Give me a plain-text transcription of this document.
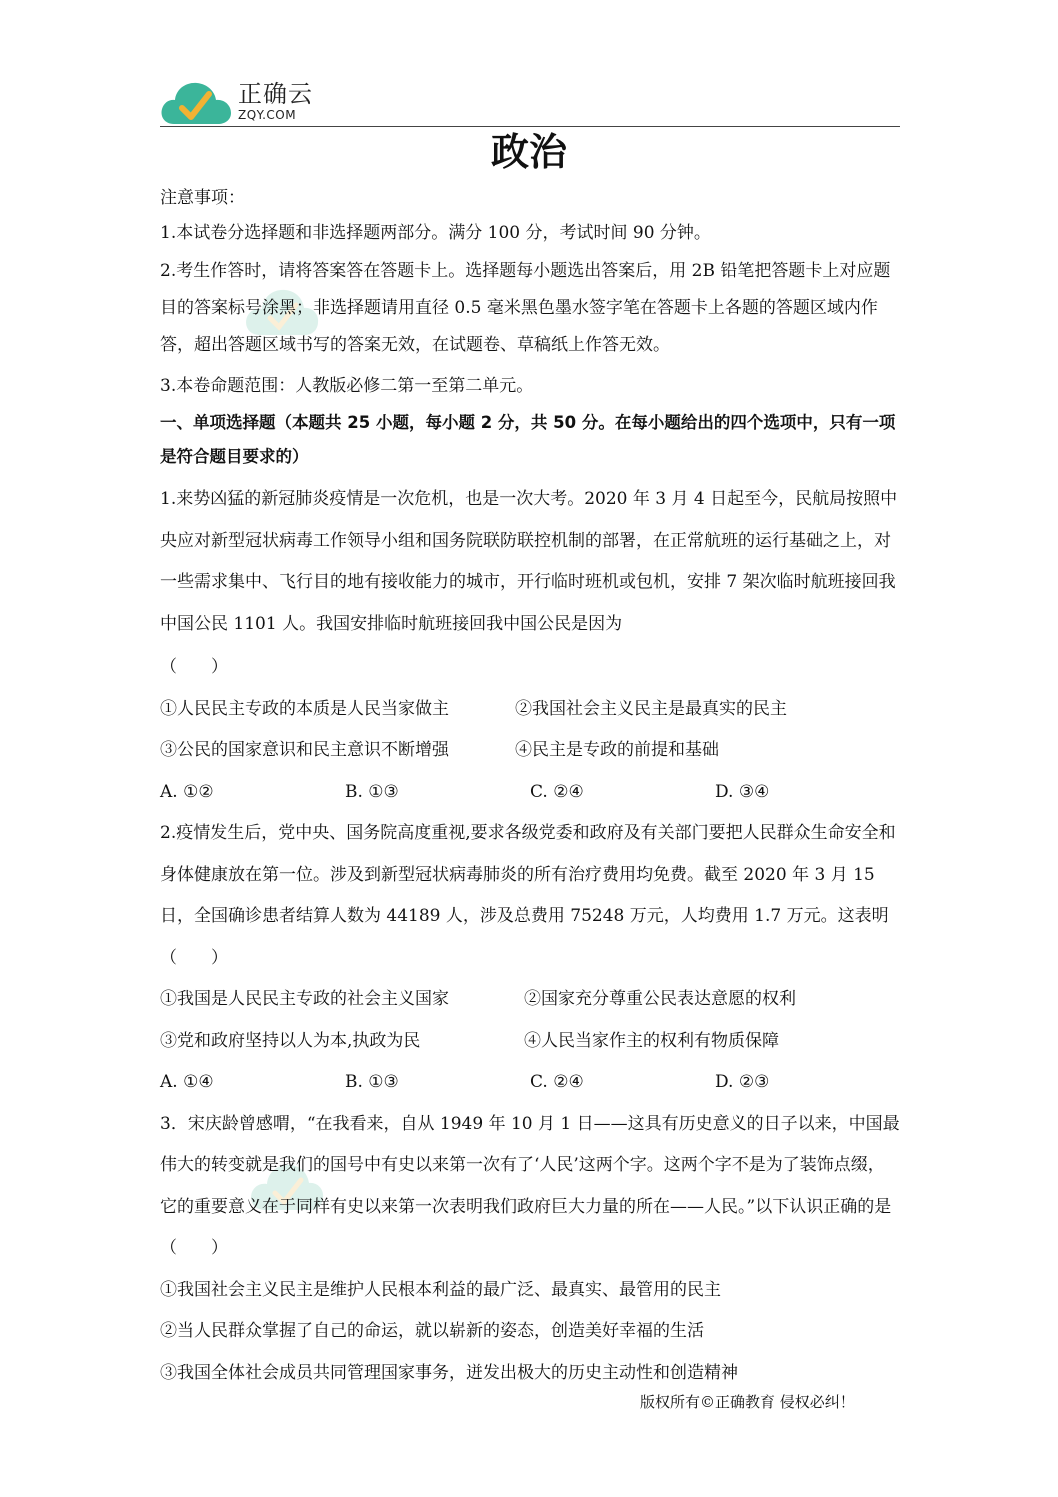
正确云
ZQY.COM
政治

注意事项：

1.本试卷分选择题和非选择题两部分。满分 100 分，考试时间 90 分钟。

2.考生作答时，请将答案答在答题卡上。选择题每小题选出答案后，用 2B 铅笔把答题卡上对应题目的答案标号涂黑；非选择题请用直径 0.5 毫米黑色墨水签字笔在答题卡上各题的答题区域内作答，超出答题区域书写的答案无效，在试题卷、草稿纸上作答无效。

3.本卷命题范围：人教版必修二第一至第二单元。

一、单项选择题（本题共 25 小题，每小题 2 分，共 50 分。在每小题给出的四个选项中，只有一项是符合题目要求的）

1.来势凶猛的新冠肺炎疫情是一次危机，也是一次大考。2020 年 3 月 4 日起至今，民航局按照中央应对新型冠状病毒工作领导小组和国务院联防联控机制的部署，在正常航班的运行基础之上，对一些需求集中、飞行目的地有接收能力的城市，开行临时班机或包机，安排 7 架次临时航班接回我中国公民 1101 人。我国安排临时航班接回我中国公民是因为

（　　）

①人民民主专政的本质是人民当家做主	②我国社会主义民主是最真实的民主
③公民的国家意识和民主意识不断增强	④民主是专政的前提和基础
A. ①②	B. ①③	C. ②④	D. ③④

2.疫情发生后，党中央、国务院高度重视,要求各级党委和政府及有关部门要把人民群众生命安全和身体健康放在第一位。涉及到新型冠状病毒肺炎的所有治疗费用均免费。截至 2020 年 3 月 15 日，全国确诊患者结算人数为 44189 人，涉及总费用 75248 万元，人均费用 1.7 万元。这表明（　　）

①我国是人民民主专政的社会主义国家	②国家充分尊重公民表达意愿的权利
③党和政府坚持以人为本,执政为民	④人民当家作主的权利有物质保障
A. ①④	B. ①③	C. ②④	D. ②③

3．宋庆龄曾感喟，“在我看来，自从 1949 年 10 月 1 日——这具有历史意义的日子以来，中国最伟大的转变就是我们的国号中有史以来第一次有了‘人民’这两个字。这两个字不是为了装饰点缀，它的重要意义在于同样有史以来第一次表明我们政府巨大力量的所在——人民。”以下认识正确的是（　　）

①我国社会主义民主是维护人民根本利益的最广泛、最真实、最管用的民主

②当人民群众掌握了自己的命运，就以崭新的姿态，创造美好幸福的生活

③我国全体社会成员共同管理国家事务，迸发出极大的历史主动性和创造精神

版权所有©正确教育 侵权必纠！
